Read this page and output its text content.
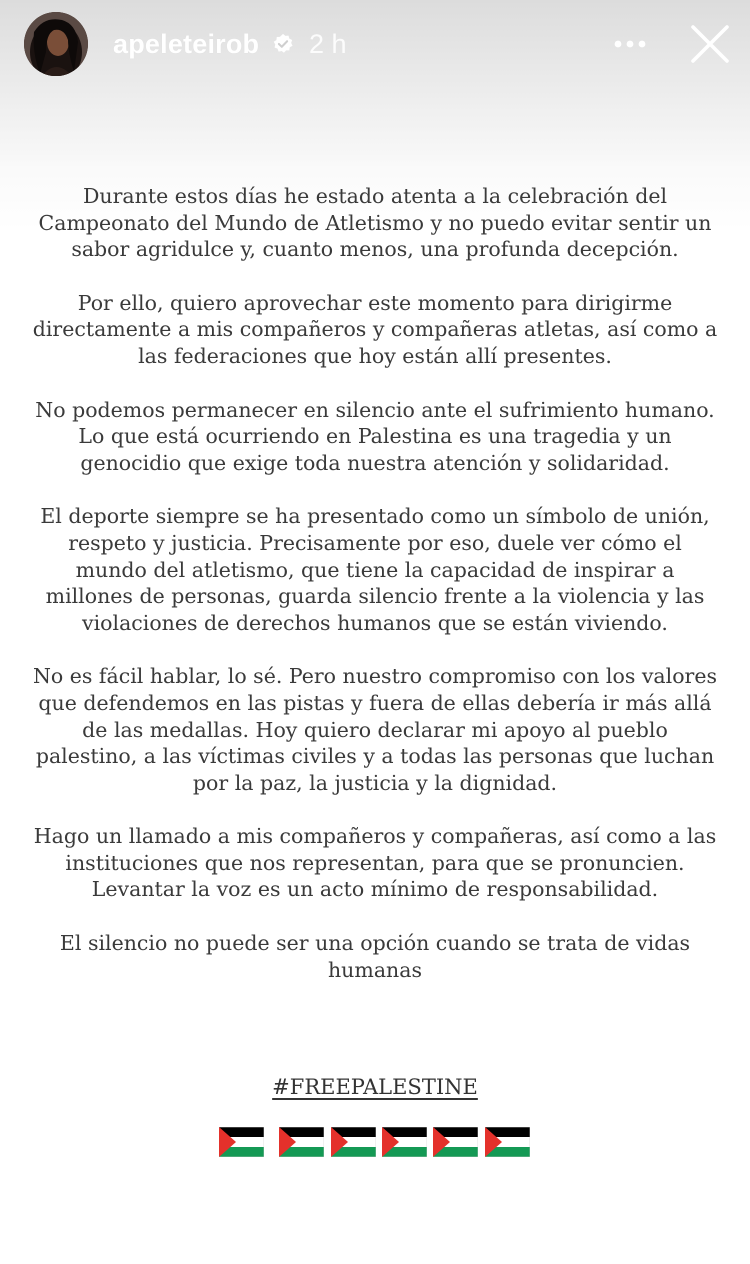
apeleteirob 2 h

Durante estos días he estado atenta a la celebración del Campeonato del Mundo de Atletismo y no puedo evitar sentir un sabor agridulce y, cuanto menos, una profunda decepción.

Por ello, quiero aprovechar este momento para dirigirme directamente a mis compañeros y compañeras atletas, así como a las federaciones que hoy están allí presentes.

No podemos permanecer en silencio ante el sufrimiento humano. Lo que está ocurriendo en Palestina es una tragedia y un genocidio que exige toda nuestra atención y solidaridad.

El deporte siempre se ha presentado como un símbolo de unión, respeto y justicia. Precisamente por eso, duele ver cómo el mundo del atletismo, que tiene la capacidad de inspirar a millones de personas, guarda silencio frente a la violencia y las violaciones de derechos humanos que se están viviendo.

No es fácil hablar, lo sé. Pero nuestro compromiso con los valores que defendemos en las pistas y fuera de ellas debería ir más allá de las medallas. Hoy quiero declarar mi apoyo al pueblo palestino, a las víctimas civiles y a todas las personas que luchan por la paz, la justicia y la dignidad.

Hago un llamado a mis compañeros y compañeras, así como a las instituciones que nos representan, para que se pronuncien. Levantar la voz es un acto mínimo de responsabilidad.

El silencio no puede ser una opción cuando se trata de vidas humanas

#FREEPALESTINE
